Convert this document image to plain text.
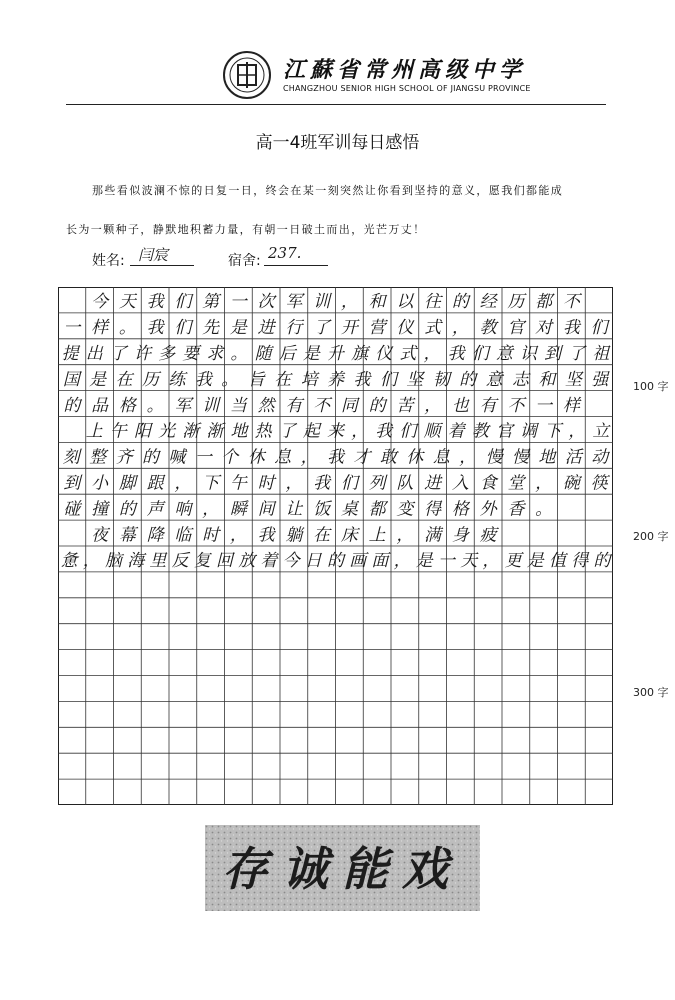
江蘇省常州高级中学
CHANGZHOU SENIOR HIGH SCHOOL OF JIANGSU PROVINCE
高一4班军训每日感悟
那些看似波澜不惊的日复一日，终会在某一刻突然让你看到坚持的意义，愿我们都能成
长为一颗种子，静默地积蓄力量，有朝一日破土而出，光芒万丈！
姓名: 闫宸	宿舍: 237.
今 天 我 们 第 一 次 军 训 ， 和 以 往 的 经 历 都 不
一 样 。 我 们 先 是 进 行 了 开 营 仪 式 ， 教 官 对 我 们
提 出 了 许 多 要 求 。 随 后 是 升 旗 仪 式 ， 我 们 意 识 到 了 祖
国 是 在 历 练 我 。 旨 在 培 养 我 们 坚 韧 的 意 志 和 坚 强
的 品 格 。 军 训 当 然 有 不 同 的 苦 ， 也 有 不 一 样
上 午 阳 光 渐 渐 地 热 了 起 来 ， 我 们 顺 着 教 官 调 下 ， 立
刻 整 齐 的 喊 一 个 休 息 ， 我 才 敢 休 息 ， 慢 慢 地 活 动
到 小 脚 跟 ， 下 午 时 ， 我 们 列 队 进 入 食 堂 ， 碗 筷
碰 撞 的 声 响 ， 瞬 间 让 饭 桌 都 变 得 格 外 香 。
夜 幕 降 临 时 ， 我 躺 在 床 上 ， 满 身 疲
惫 ， 脑 海 里 反 复 回 放 着 今 日 的 画 面 ， 是 一 天 ， 更 是 值 得 的
100 字
200 字
300 字
存诚能戏
